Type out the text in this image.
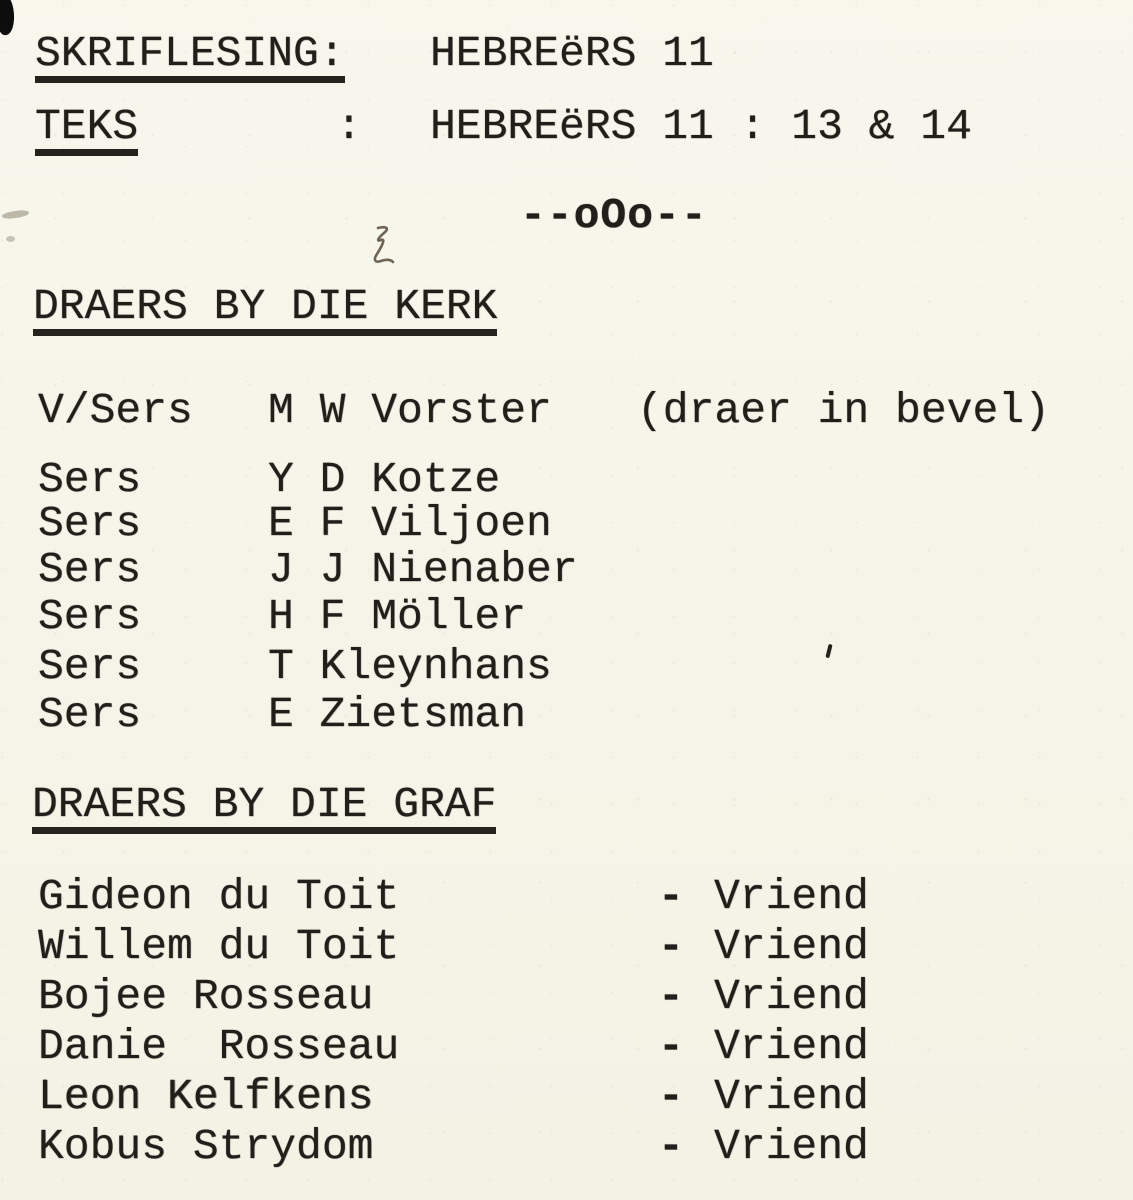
SKRIFLESING: HEBREëRS 11
TEKS	: HEBREëRS 11 : 13 & 14
--oOo--
DRAERS BY DIE KERK
V/Sers M W Vorster (draer in bevel)
Sers	Y D Kotze
Sers	E F Viljoen
Sers	J J Nienaber
Sers	H F Möller
Sers	T Kleynhans
Sers	E Zietsman
DRAERS BY DIE GRAF
Gideon du Toit	- Vriend
Willem du Toit	- Vriend
Bojee Rosseau	- Vriend
Danie  Rosseau	- Vriend
Leon Kelfkens	- Vriend
Kobus Strydom	- Vriend
